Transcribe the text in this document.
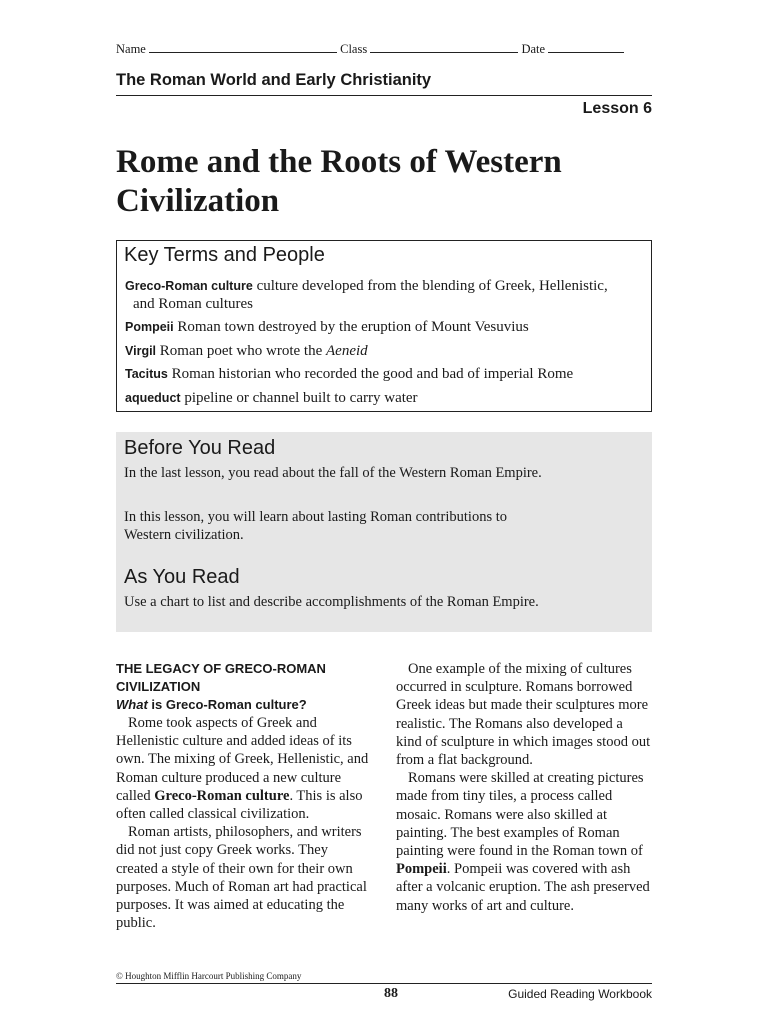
Name	Class	Date
The Roman World and Early Christianity
Lesson 6
Rome and the Roots of Western
Civilization
Key Terms and People
Greco-Roman culture culture developed from the blending of Greek, Hellenistic,
and Roman cultures
Pompeii Roman town destroyed by the eruption of Mount Vesuvius
Virgil Roman poet who wrote the Aeneid
Tacitus Roman historian who recorded the good and bad of imperial Rome
aqueduct pipeline or channel built to carry water
Before You Read

In the last lesson, you read about the fall of the Western Roman Empire.

In this lesson, you will learn about lasting Roman contributions to Western civilization.

As You Read

Use a chart to list and describe accomplishments of the Roman Empire.

THE LEGACY OF GRECO-ROMAN
CIVILIZATION

What is Greco-Roman culture?

Rome took aspects of Greek and Hellenistic culture and added ideas of its own. The mixing of Greek, Hellenistic, and Roman culture produced a new culture called Greco-Roman culture. This is also often called classical civilization.

Roman artists, philosophers, and writers did not just copy Greek works. They created a style of their own for their own purposes. Much of Roman art had practical purposes. It was aimed at educating the public.

One example of the mixing of cultures occurred in sculpture. Romans borrowed Greek ideas but made their sculptures more realistic. The Romans also developed a kind of sculpture in which images stood out from a flat background.

Romans were skilled at creating pictures made from tiny tiles, a process called mosaic. Romans were also skilled at painting. The best examples of Roman painting were found in the Roman town of Pompeii. Pompeii was covered with ash after a volcanic eruption. The ash preserved many works of art and culture.

© Houghton Mifflin Harcourt Publishing Company
88	Guided Reading Workbook
